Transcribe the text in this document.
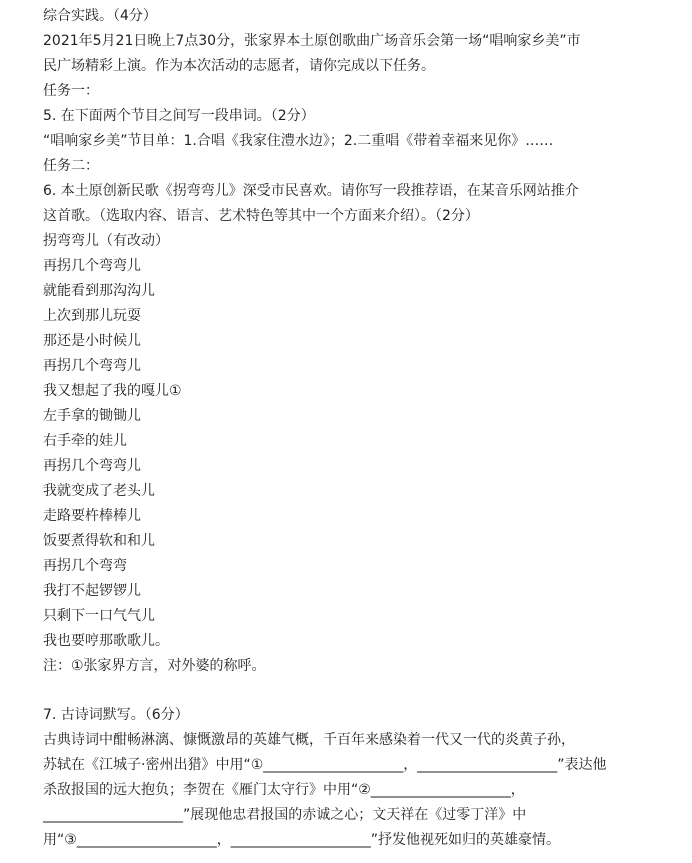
综合实践。（4分）
2021年5月21日晚上7点30分，张家界本土原创歌曲广场音乐会第一场“唱响家乡美”市
民广场精彩上演。作为本次活动的志愿者，请你完成以下任务。
任务一：
5. 在下面两个节目之间写一段串词。（2分）
“唱响家乡美”节目单：1.合唱《我家住澧水边》；2.二重唱《带着幸福来见你》……
任务二：
6. 本土原创新民歌《拐弯弯儿》深受市民喜欢。请你写一段推荐语，在某音乐网站推介
这首歌。（选取内容、语言、艺术特色等其中一个方面来介绍）。（2分）
拐弯弯儿（有改动）
再拐几个弯弯儿
就能看到那沟沟儿
上次到那儿玩耍
那还是小时候儿
再拐几个弯弯儿
我又想起了我的嘎儿①
左手拿的锄锄儿
右手牵的娃儿
再拐几个弯弯儿
我就变成了老头儿
走路要杵棒棒儿
饭要煮得软和和儿
再拐几个弯弯
我打不起锣锣儿
只剩下一口气气儿
我也要哼那歌歌儿。
注：①张家界方言，对外婆的称呼。
7. 古诗词默写。（6分）
古典诗词中酣畅淋漓、慷慨激昂的英雄气概，千百年来感染着一代又一代的炎黄子孙，
苏轼在《江城子·密州出猎》中用“①____________________，____________________”表达他
杀敌报国的远大抱负；李贺在《雁门太守行》中用“②____________________，
____________________”展现他忠君报国的赤诚之心；文天祥在《过零丁洋》中
用“③____________________，____________________”抒发他视死如归的英雄豪情。
